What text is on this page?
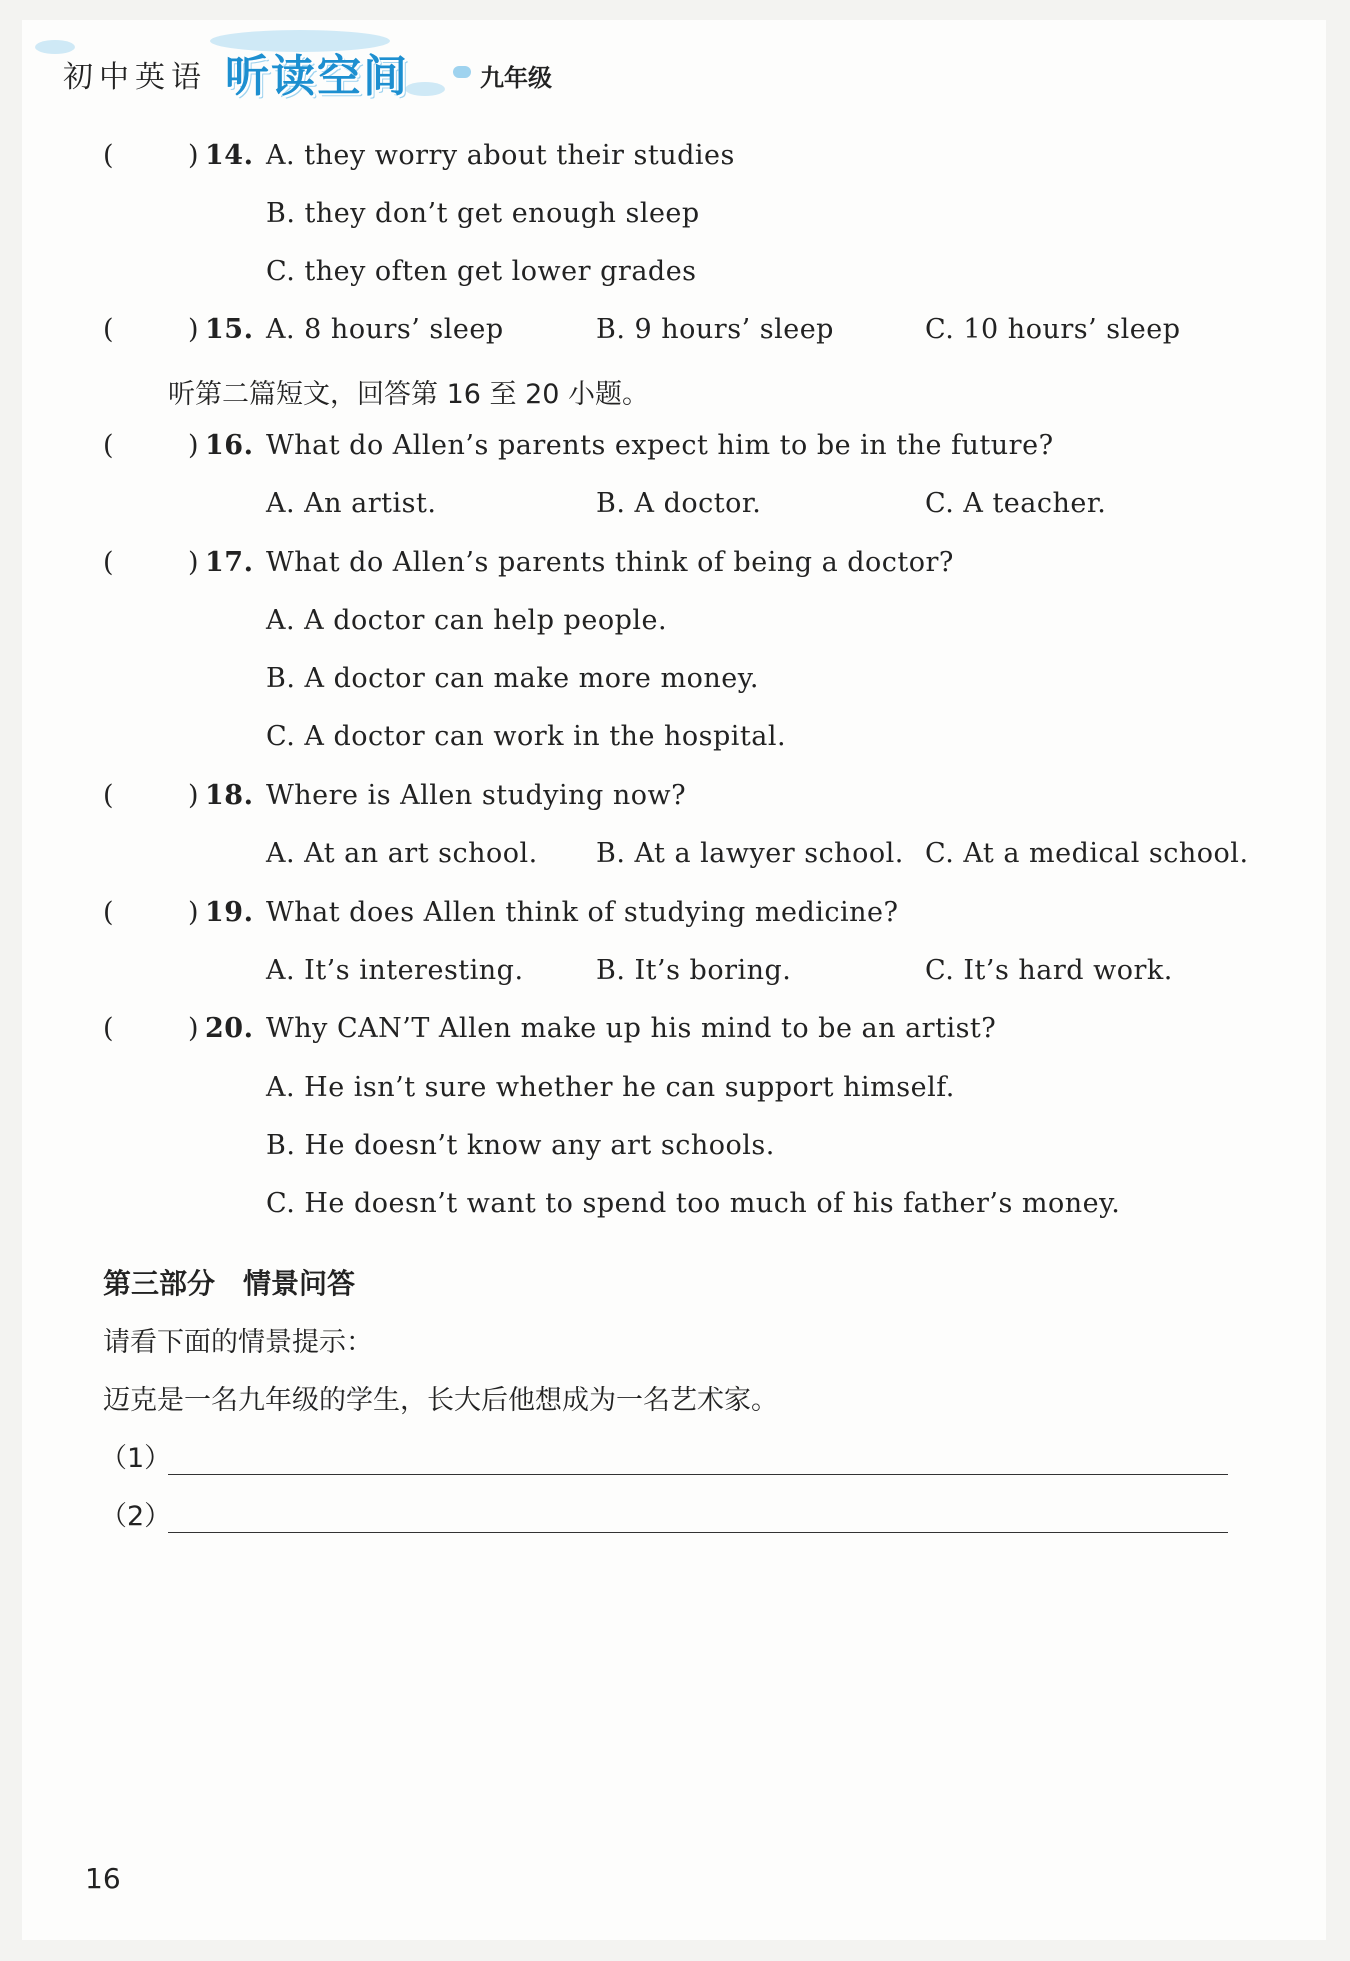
初中英语 听读空间	九年级
(	) 14. A. they worry about their studies
B. they don’t get enough sleep
C. they often get lower grades
(	) 15. A. 8 hours’ sleep	B. 9 hours’ sleep	C. 10 hours’ sleep
听第二篇短文，回答第 16 至 20 小题。
(	) 16. What do Allen’s parents expect him to be in the future?
A. An artist.	B. A doctor.	C. A teacher.
(	) 17. What do Allen’s parents think of being a doctor?
A. A doctor can help people.
B. A doctor can make more money.
C. A doctor can work in the hospital.
(	) 18. Where is Allen studying now?
A. At an art school. B. At a lawyer school. C. At a medical school.
(	) 19. What does Allen think of studying medicine?
A. It’s interesting.	B. It’s boring.	C. It’s hard work.
(	) 20. Why CAN’T Allen make up his mind to be an artist?
A. He isn’t sure whether he can support himself.
B. He doesn’t know any art schools.
C. He doesn’t want to spend too much of his father’s money.
第三部分　情景问答
请看下面的情景提示：
迈克是一名九年级的学生，长大后他想成为一名艺术家。
（1）
（2）
16
